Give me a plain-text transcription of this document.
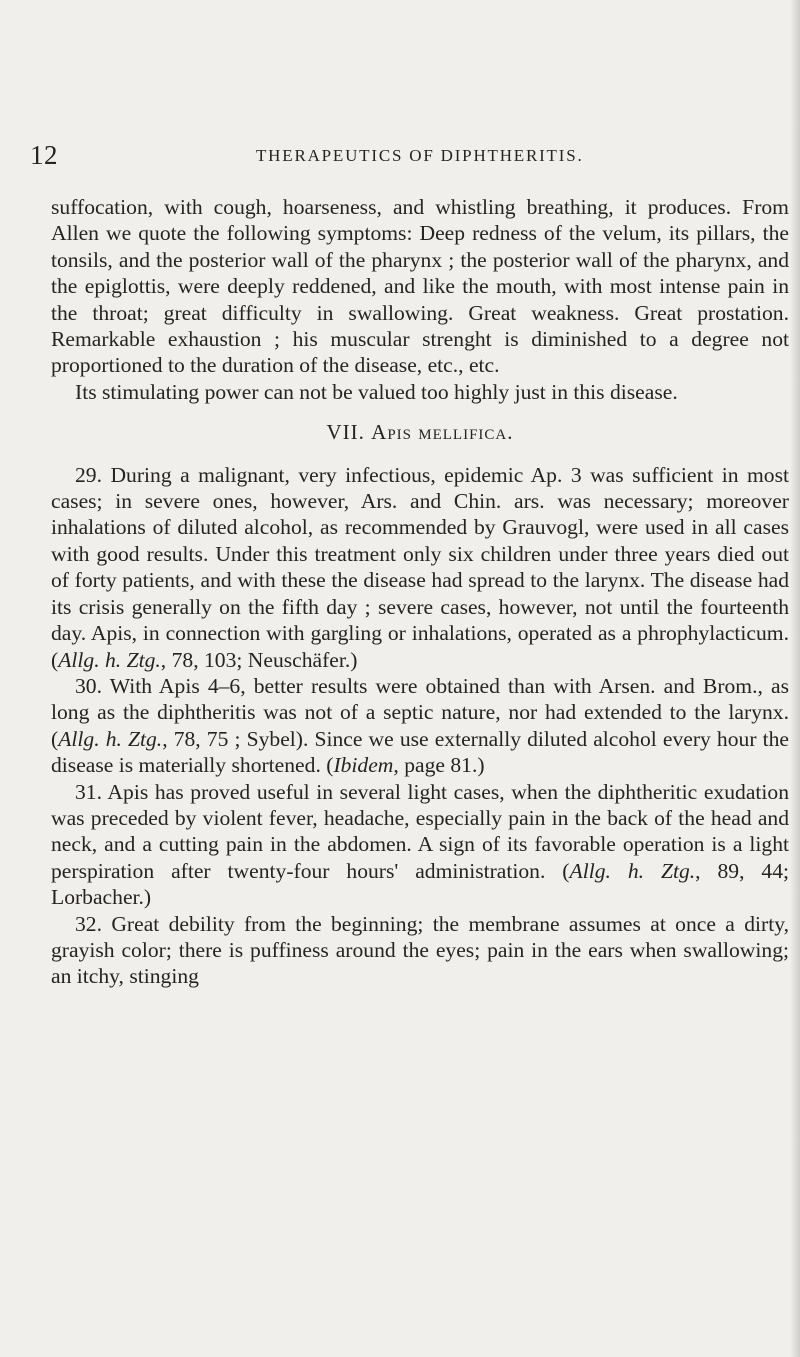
12	THERAPEUTICS OF DIPHTHERITIS.

suffocation, with cough, hoarseness, and whistling breathing, it produces. From Allen we quote the following symptoms: Deep redness of the velum, its pillars, the tonsils, and the posterior wall of the pharynx ; the posterior wall of the pharynx, and the epiglottis, were deeply reddened, and like the mouth, with most intense pain in the throat; great difficulty in swallowing. Great weakness. Great prostation. Remarkable exhaustion ; his muscular strenght is diminished to a degree not proportioned to the duration of the disease, etc., etc.

Its stimulating power can not be valued too highly just in this disease.

VII. Apis mellifica.

29. During a malignant, very infectious, epidemic Ap. 3 was sufficient in most cases; in severe ones, however, Ars. and Chin. ars. was necessary; moreover inhalations of diluted alcohol, as recommended by Grauvogl, were used in all cases with good results. Under this treatment only six children under three years died out of forty patients, and with these the disease had spread to the larynx. The disease had its crisis generally on the fifth day ; severe cases, however, not until the fourteenth day. Apis, in connection with gargling or inhalations, operated as a phrophylacticum. (Allg. h. Ztg., 78, 103; Neuschäfer.)

30. With Apis 4–6, better results were obtained than with Arsen. and Brom., as long as the diphtheritis was not of a septic nature, nor had extended to the larynx. (Allg. h. Ztg., 78, 75 ; Sybel). Since we use externally diluted alcohol every hour the disease is materially shortened. (Ibidem, page 81.)

31. Apis has proved useful in several light cases, when the diphtheritic exudation was preceded by violent fever, headache, especially pain in the back of the head and neck, and a cutting pain in the abdomen. A sign of its favorable operation is a light perspiration after twenty-four hours' administration. (Allg. h. Ztg., 89, 44; Lorbacher.)

32. Great debility from the beginning; the membrane assumes at once a dirty, grayish color; there is puffiness around the eyes; pain in the ears when swallowing; an itchy, stinging
